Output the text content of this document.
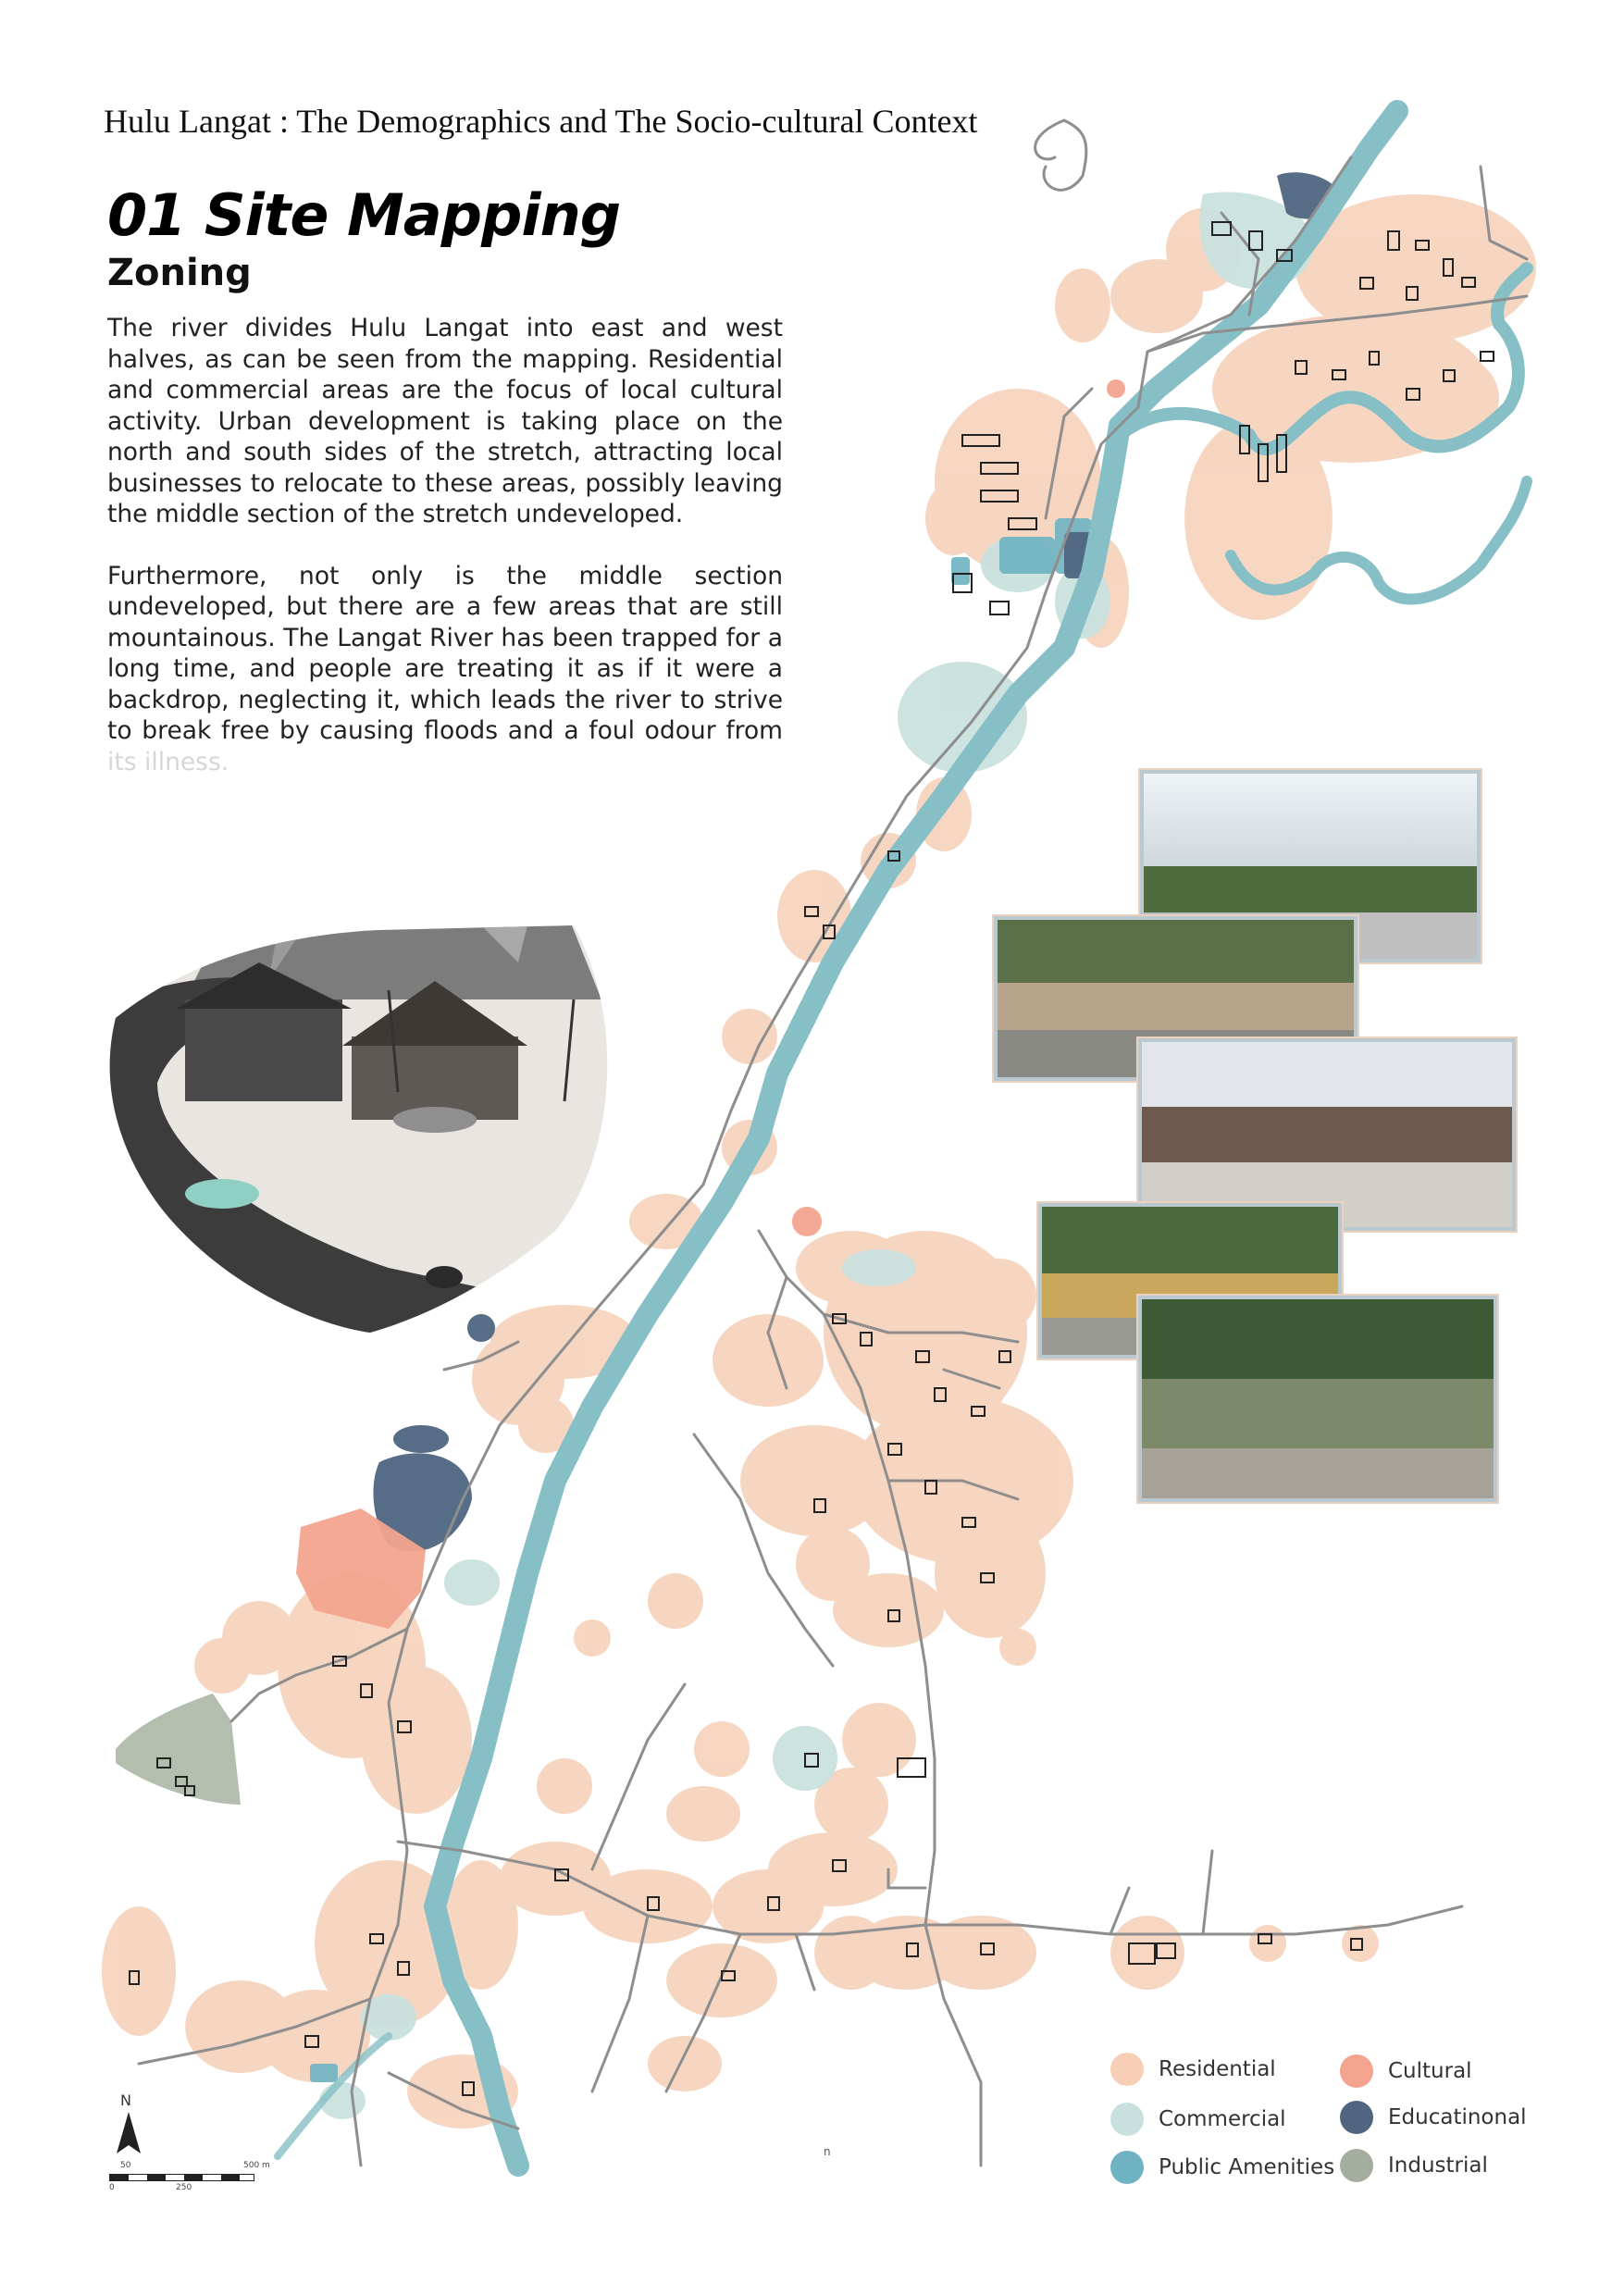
Hulu Langat : The Demographics and The Socio-cultural Context
01 Site Mapping
Zoning

The river divides Hulu Langat into east and west halves, as can be seen from the mapping. Residential and commercial areas are the focus of local cultural activity. Urban development is taking place on the north and south sides of the stretch, attracting local businesses to relocate to these areas, possibly leaving the middle section of the stretch undeveloped.

Furthermore, not only is the middle section undeveloped, but there are a few areas that are still mountainous. The Langat River has been trapped for a long time, and people are treating it as if it were a backdrop, neglecting it, which leads the river to strive to break free by causing floods and a foul odour from its illness.

N
50	500 m
0	250
n
Residential	Cultural
Commercial	Educatinonal
Public Amenities	Industrial
